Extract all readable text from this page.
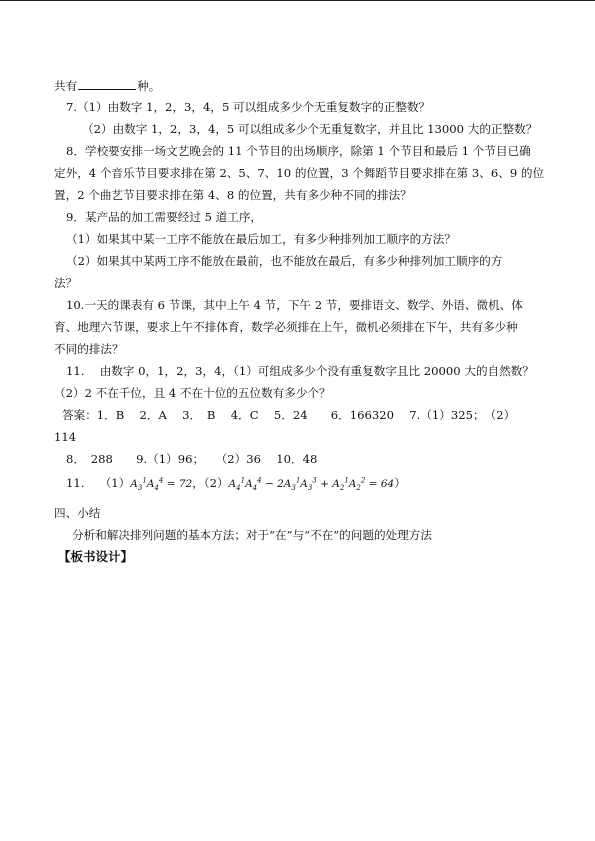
共有	种。
7.（1）由数字 1，2，3，4，5 可以组成多少个无重复数字的正整数？
（2）由数字 1，2，3，4，5 可以组成多少个无重复数字，并且比 13000 大的正整数？
8．学校要安排一场文艺晚会的 11 个节目的出场顺序，除第 1 个节目和最后 1 个节目已确
定外，4 个音乐节目要求排在第 2、5、7、10 的位置，3 个舞蹈节目要求排在第 3、6、9 的位
置，2 个曲艺节目要求排在第 4、8 的位置，共有多少种不同的排法？
9．某产品的加工需要经过 5 道工序，
（1）如果其中某一工序不能放在最后加工，有多少种排列加工顺序的方法？
（2）如果其中某两工序不能放在最前，也不能放在最后，有多少种排列加工顺序的方
法？
10.一天的课表有 6 节课，其中上午 4 节，下午 2 节，要排语文、数学、外语、微机、体
育、地理六节课，要求上午不排体育，数学必须排在上午，微机必须排在下午，共有多少种
不同的排法？
11.　 由数字 0，1，2，3，4，（1）可组成多少个没有重复数字且比 20000 大的自然数？
（2）2 不在千位，且 4 不在十位的五位数有多少个？
答案：1．B　 2．A　 3．　B　 4．C　 5．24　　6．166320　 7.（1）325；　（2）
114
8．　288　　9.（1）96；　　（2）36　 10．48
11.　 $(1)A_3^1A_4^4 = 72$，$(2)A_4^1A_4^4 - 2A_3^1A_3^3 + A_2^1A_2^2 = 64$）
四、小结
分析和解决排列问题的基本方法；对于“在”与“不在”的问题的处理方法
【板书设计】
